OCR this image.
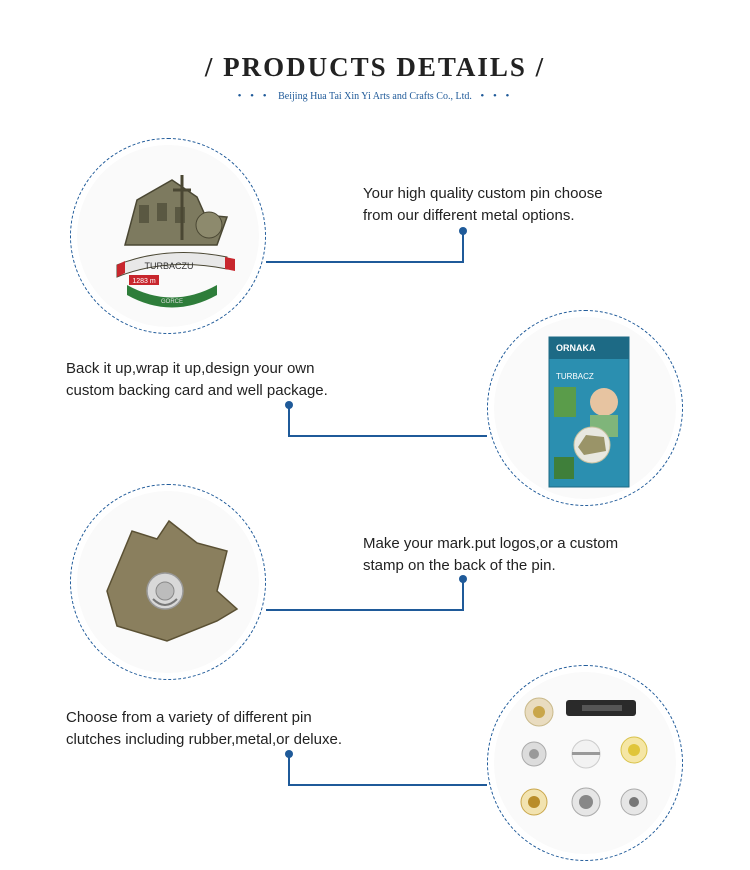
/ PRODUCTS DETAILS /
• • • Beijing Hua Tai Xin Yi Arts and Crafts Co., Ltd. • • •
TURBACZU
1283 m
GORCE
Your high quality custom pin choose
from our different metal options.
ORNAKA
TURBACZ
Back it up,wrap it up,design your own
custom backing card and well package.
Make your mark.put logos,or a custom
stamp on the back of the pin.
Choose from a variety of different pin
clutches including rubber,metal,or deluxe.
